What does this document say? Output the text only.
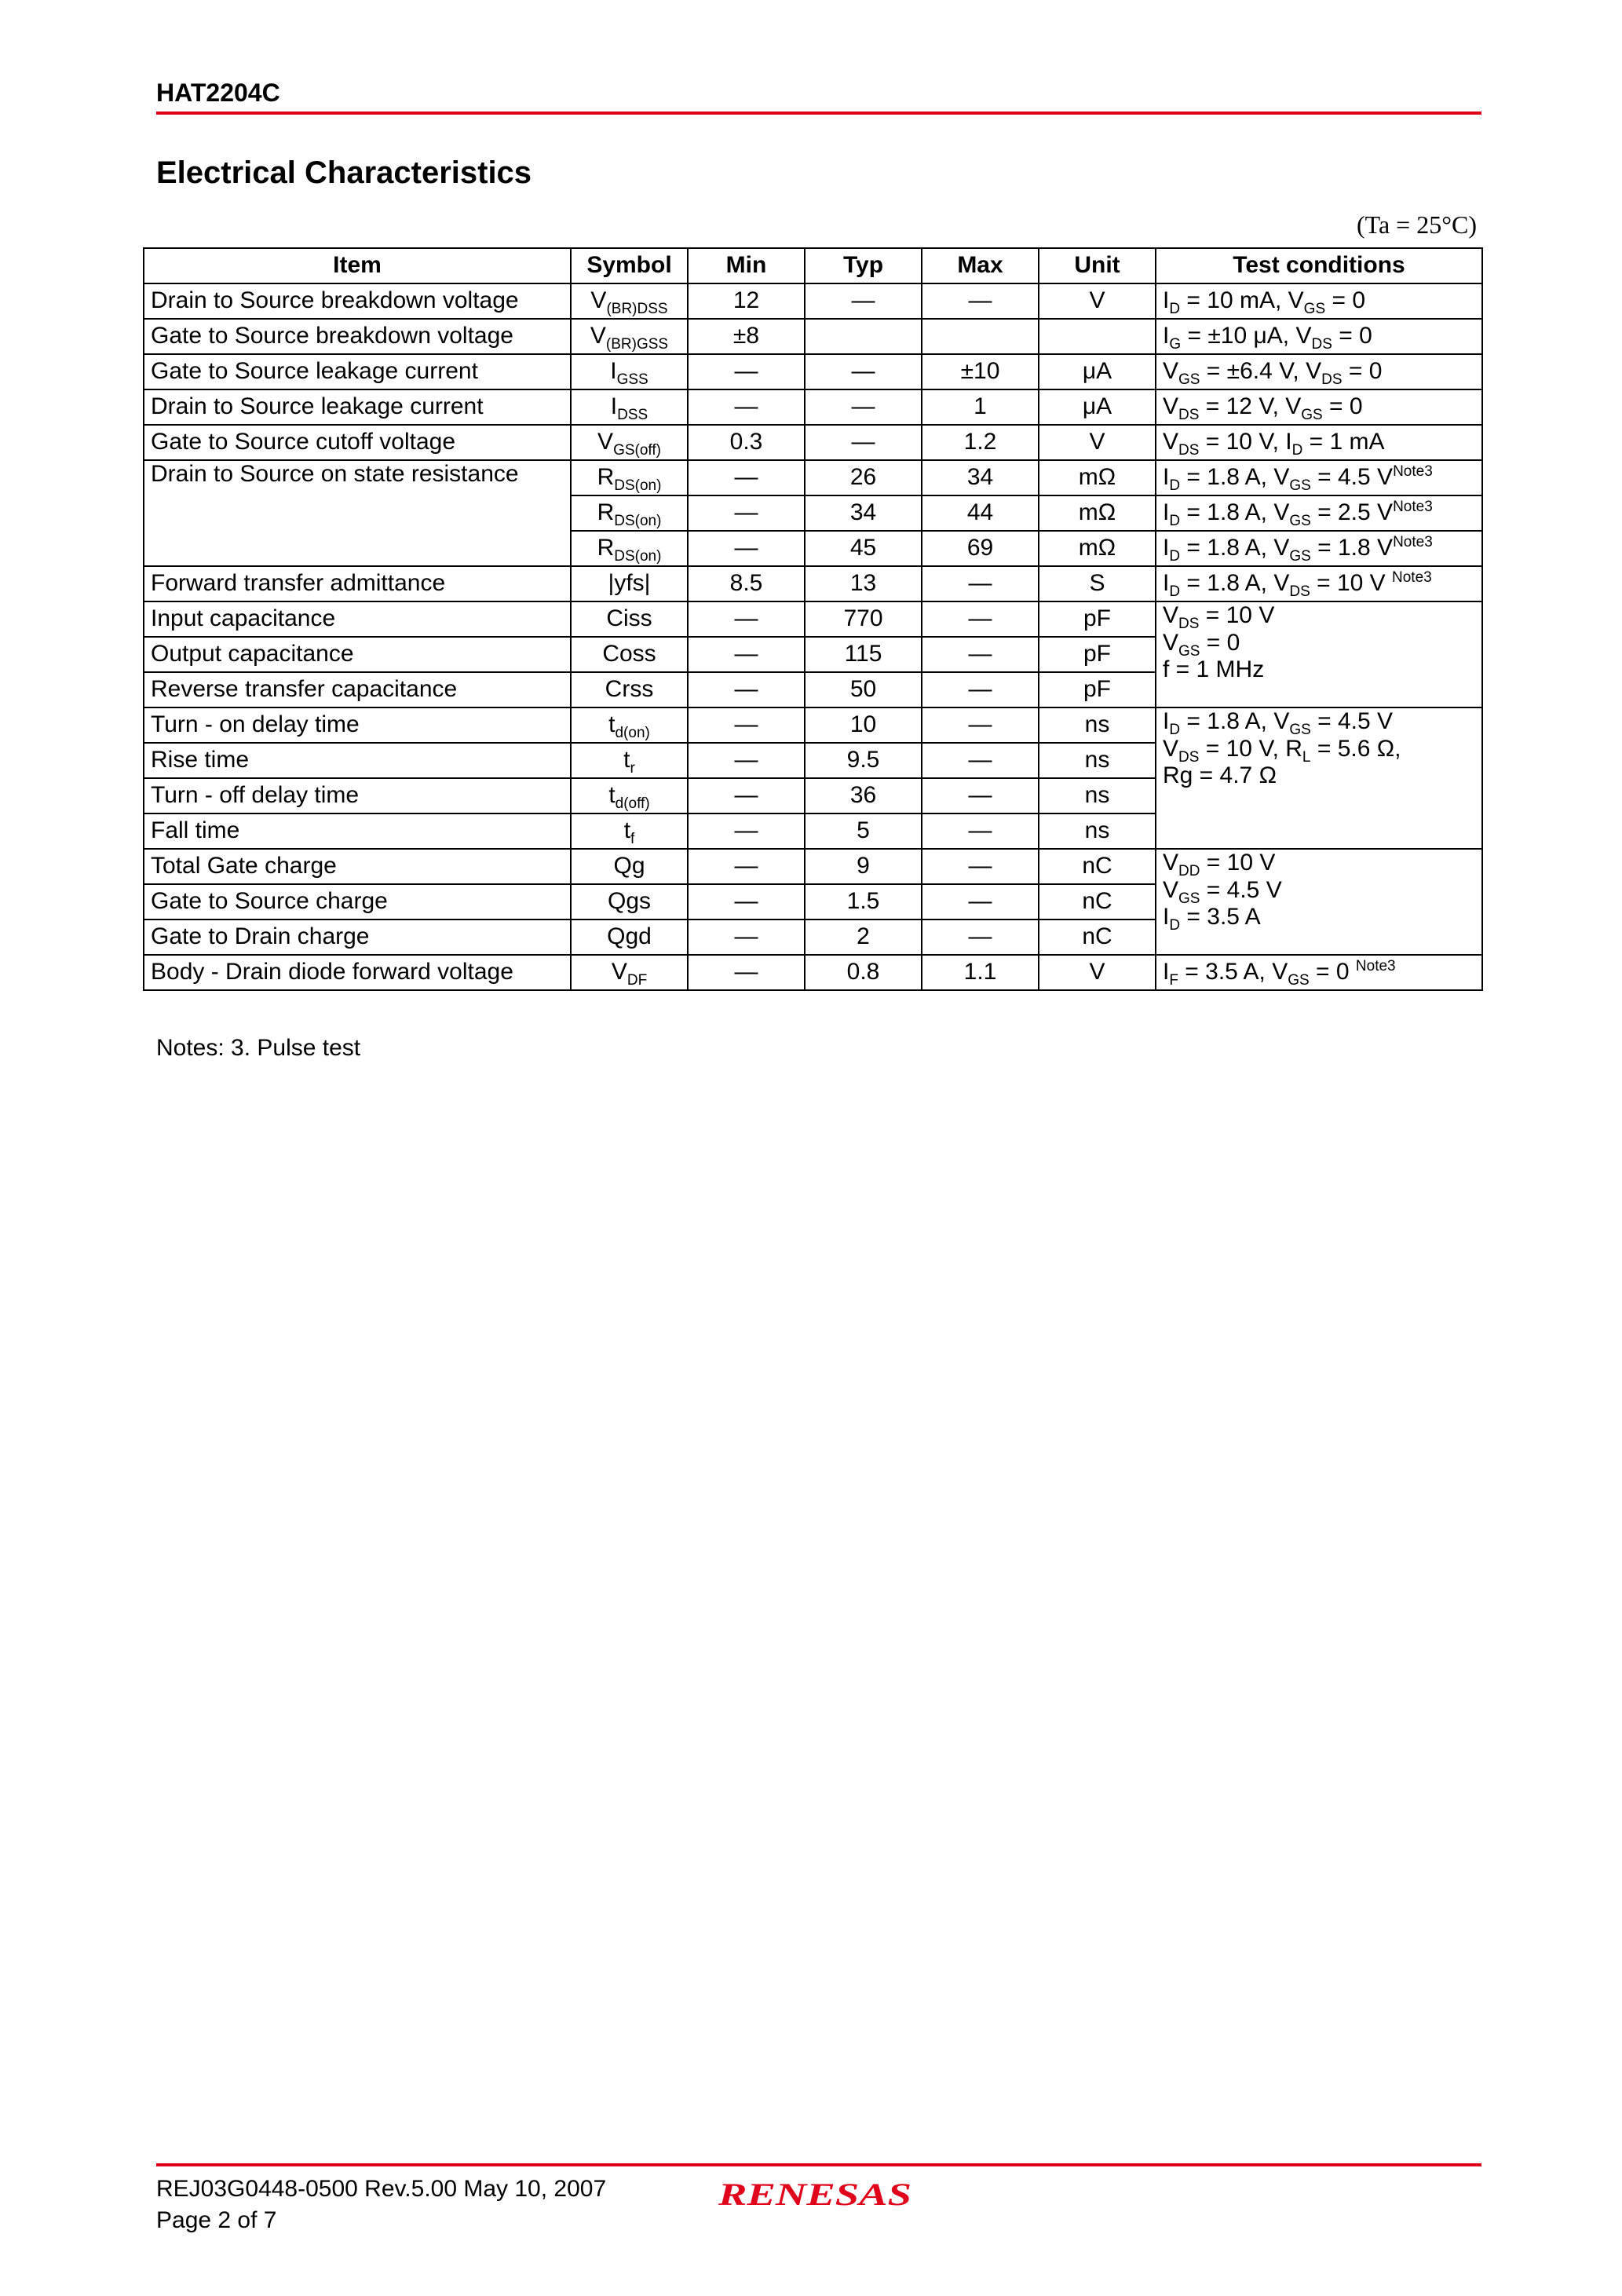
HAT2204C
Electrical Characteristics
(Ta = 25°C)
Item	Symbol	Min	Typ	Max	Unit	Test conditions
Drain to Source breakdown voltage	$V_{(BR)DSS}$	12	—	—	V	$I_D = 10$ mA, $V_{GS} = 0$
Gate to Source breakdown voltage	$V_{(BR)GSS}$	±8				$I_G = \pm 10$ μA, $V_{DS} = 0$
Gate to Source leakage current	$I_{GSS}$	—	—	±10	μA	$V_{GS} = \pm 6.4$ V, $V_{DS} = 0$
Drain to Source leakage current	$I_{DSS}$	—	—	1	μA	$V_{DS} = 12$ V, $V_{GS} = 0$
Gate to Source cutoff voltage	$V_{GS(off)}$	0.3	—	1.2	V	$V_{DS} = 10$ V, $I_D = 1$ mA
Drain to Source on state resistance	$R_{DS(on)}$	—	26	34	mΩ	$I_D = 1.8$ A, $V_{GS} = 4.5$ $V^{Note3}$
	$R_{DS(on)}$	—	34	44	mΩ	$I_D = 1.8$ A, $V_{GS} = 2.5$ $V^{Note3}$
	$R_{DS(on)}$	—	45	69	mΩ	$I_D = 1.8$ A, $V_{GS} = 1.8$ $V^{Note3}$
Forward transfer admittance	|yfs|	8.5	13	—	S	$I_D = 1.8$ A, $V_{DS} = 10$ V $^{Note3}$
Input capacitance	Ciss	—	770	—	pF	$V_{DS} = 10$ V
$V_{GS} = 0$
f = 1 MHz

Output capacitance	Coss	—	115	—	pF	
Reverse transfer capacitance	Crss	—	50	—	pF	
Turn - on delay time	$t_{d(on)}$	—	10	—	ns	$I_D = 1.8$ A, $V_{GS} = 4.5$ V
$V_{DS} = 10$ V, $R_L = 5.6$ Ω,
Rg = 4.7 Ω

Rise time	$t_r$	—	9.5	—	ns	
Turn - off delay time	$t_{d(off)}$	—	36	—	ns	
Fall time	$t_f$	—	5	—	ns	
Total Gate charge	Qg	—	9	—	nC	$V_{DD} = 10$ V
$V_{GS} = 4.5$ V
$I_D = 3.5$ A

Gate to Source charge	Qgs	—	1.5	—	nC	
Gate to Drain charge	Qgd	—	2	—	nC	
Body - Drain diode forward voltage	$V_{DF}$	—	0.8	1.1	V	$I_F = 3.5$ A, $V_{GS} = 0$ $^{Note3}$
Notes: 3. Pulse test
REJ03G0448-0500 Rev.5.00 May 10, 2007
Page 2 of 7
RENESAS
